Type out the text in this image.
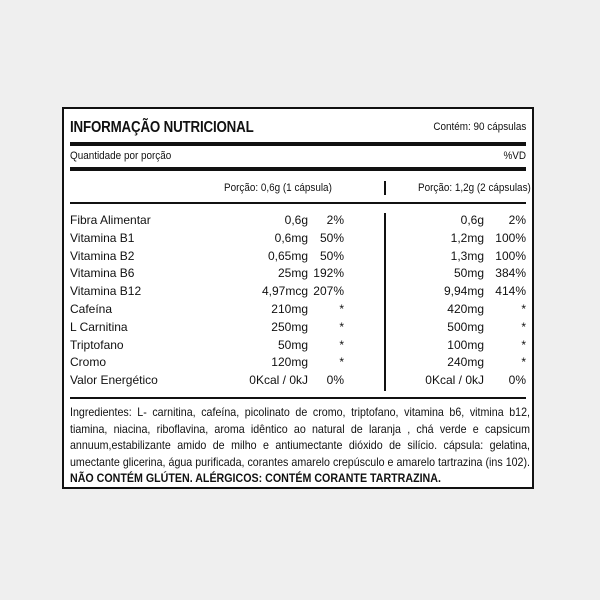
INFORMAÇÃO NUTRICIONAL	Contém: 90 cápsulas
Quantidade por porção	%VD
Porção: 0,6g (1 cápsula)	Porção: 1,2g (2 cápsulas)
Fibra Alimentar	0,6g 2%	0,6g 2%
Vitamina B1	0,6mg 50%	1,2mg 100%
Vitamina B2	0,65mg 50%	1,3mg 100%
Vitamina B6	25mg 192%	50mg 384%
Vitamina B12	4,97mcg 207%	9,94mg 414%
Cafeína	210mg	*	420mg	*
L Carnitina	250mg	*	500mg	*
Triptofano	50mg	*	100mg	*
Cromo	120mg	*	240mg	*
Valor Energético	0Kcal / 0kJ 0%	0Kcal / 0kJ 0%
Ingredientes: L- carnitina, cafeína, picolinato de cromo, triptofano, vitamina b6, vitmina b12, tiamina, niacina, riboflavina, aroma idêntico ao natural de laranja , chá verde e capsicum annuum,estabilizante amido de milho e antiumectante dióxido de silício. cápsula: gelatina, umectante glicerina, água purificada, corantes amarelo crepúsculo e amarelo tartrazina (ins 102). NÃO CONTÉM GLÚTEN. ALÉRGICOS: CONTÉM CORANTE TARTRAZINA.
